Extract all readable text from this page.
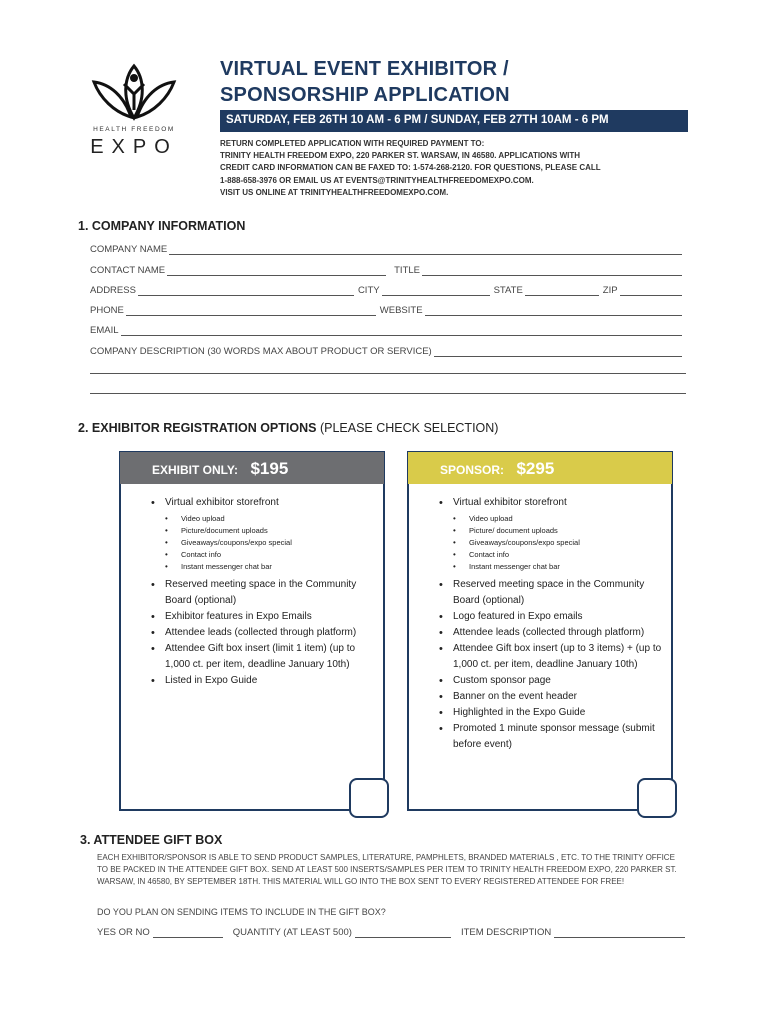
HEALTH FREEDOM
EXPO
VIRTUAL EVENT EXHIBITOR /
SPONSORSHIP APPLICATION
SATURDAY, FEB 26TH 10 AM - 6 PM / SUNDAY, FEB 27TH 10AM - 6 PM
RETURN COMPLETED APPLICATION WITH REQUIRED PAYMENT TO:
TRINITY HEALTH FREEDOM EXPO, 220 PARKER ST. WARSAW, IN 46580. APPLICATIONS WITH
CREDIT CARD INFORMATION CAN BE FAXED TO: 1-574-268-2120. FOR QUESTIONS, PLEASE CALL
1-888-658-3976 OR EMAIL US AT EVENTS@TRINITYHEALTHFREEDOMEXPO.COM.
VISIT US ONLINE AT TRINITYHEALTHFREEDOMEXPO.COM.
1. COMPANY INFORMATION
COMPANY NAME
CONTACT NAME	TITLE
ADDRESS	CITY	STATE	ZIP
PHONE	WEBSITE
EMAIL
COMPANY DESCRIPTION (30 WORDS MAX ABOUT PRODUCT OR SERVICE)
2. EXHIBITOR REGISTRATION OPTIONS (PLEASE CHECK SELECTION)
EXHIBIT ONLY: $195
• Virtual exhibitor storefront
• Video upload
• Picture/document uploads
• Giveaways/coupons/expo special
• Contact info
• Instant messenger chat bar
• Reserved meeting space in the Community Board (optional)
• Exhibitor features in Expo Emails
• Attendee leads (collected through platform)
• Attendee Gift box insert (limit 1 item) (up to 1,000 ct. per item, deadline January 10th)
• Listed in Expo Guide
SPONSOR: $295
• Virtual exhibitor storefront
• Video upload
• Picture/ document uploads
• Giveaways/coupons/expo special
• Contact info
• Instant messenger chat bar
• Reserved meeting space in the Community Board (optional)
• Logo featured in Expo emails
• Attendee leads (collected through platform)
• Attendee Gift box insert (up to 3 items) + (up to 1,000 ct. per item, deadline January 10th)
• Custom sponsor page
• Banner on the event header
• Highlighted in the Expo Guide
• Promoted 1 minute sponsor message (submit before event)
3. ATTENDEE GIFT BOX
EACH EXHIBITOR/SPONSOR IS ABLE TO SEND PRODUCT SAMPLES, LITERATURE, PAMPHLETS, BRANDED MATERIALS , ETC. TO THE TRINITY OFFICE TO BE PACKED IN THE ATTENDEE GIFT BOX. SEND AT LEAST 500 INSERTS/SAMPLES PER ITEM TO TRINITY HEALTH FREEDOM EXPO, 220 PARKER ST. WARSAW, IN 46580, BY SEPTEMBER 18TH. THIS MATERIAL WILL GO INTO THE BOX SENT TO EVERY REGISTERED ATTENDEE FOR FREE!
DO YOU PLAN ON SENDING ITEMS TO INCLUDE IN THE GIFT BOX?
YES OR NO	QUANTITY (AT LEAST 500)	ITEM DESCRIPTION
